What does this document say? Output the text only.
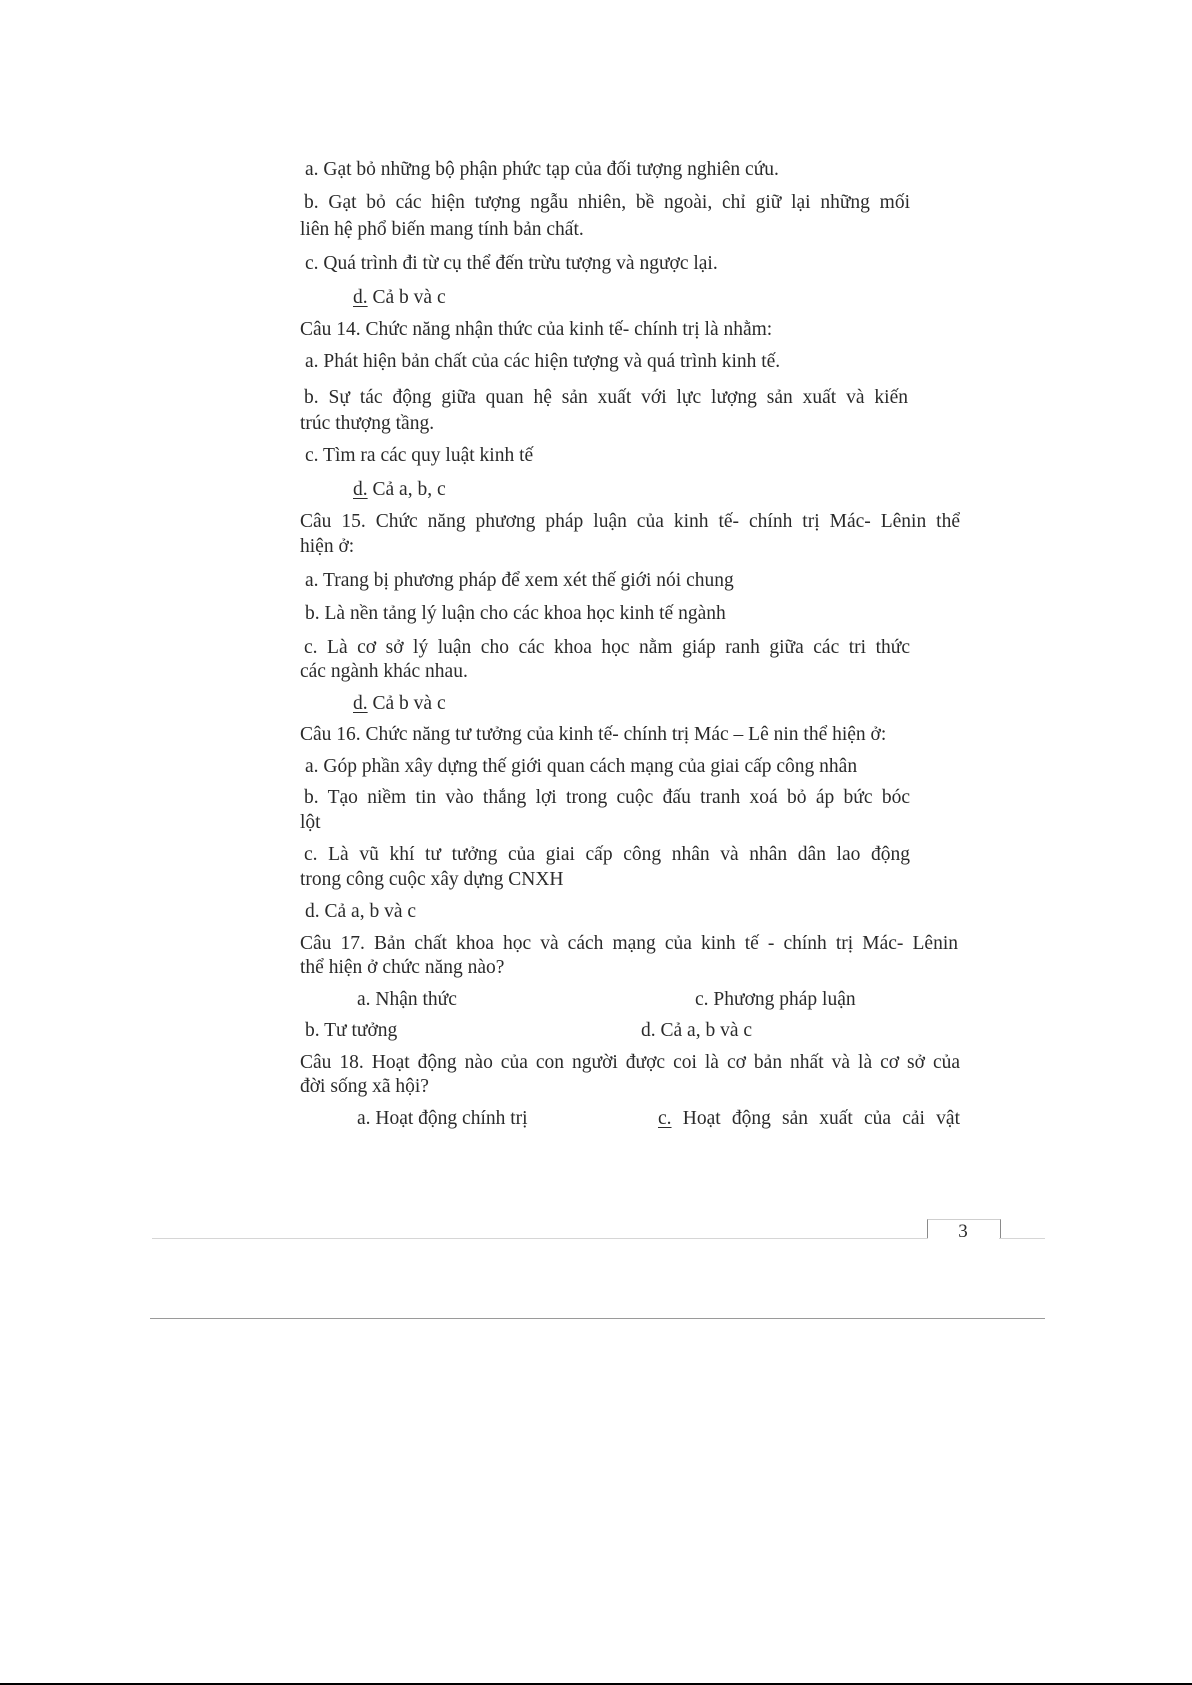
a. Gạt bỏ những bộ phận phức tạp của đối tượng nghiên cứu.

b. Gạt bỏ các hiện tượng ngẫu nhiên, bề ngoài, chỉ giữ lại những mối

liên hệ phổ biến mang tính bản chất.

c. Quá trình đi từ cụ thể đến trừu tượng và ngược lại.

d. Cả b và c

Câu 14. Chức năng nhận thức của kinh tế- chính trị là nhằm:

a. Phát hiện bản chất của các hiện tượng và quá trình kinh tế.

b. Sự tác động giữa quan hệ sản xuất với lực lượng sản xuất và kiến

trúc thượng tầng.

c. Tìm ra các quy luật kinh tế

d. Cả a, b, c

Câu 15. Chức năng phương pháp luận của kinh tế- chính trị Mác- Lênin thể

hiện ở:

a. Trang bị phương pháp để xem xét thế giới nói chung

b. Là nền tảng lý luận cho các khoa học kinh tế ngành

c. Là cơ sở lý luận cho các khoa học nằm giáp ranh giữa các tri thức

các ngành khác nhau.

d. Cả b và c

Câu 16. Chức năng tư tưởng của kinh tế- chính trị Mác – Lê nin thể hiện ở:

a. Góp phần xây dựng thế giới quan cách mạng của giai cấp công nhân

b. Tạo niềm tin vào thắng lợi trong cuộc đấu tranh xoá bỏ áp bức bóc

lột

c. Là vũ khí tư tưởng của giai cấp công nhân và nhân dân lao động

trong công cuộc xây dựng CNXH

d. Cả a, b và c

Câu 17. Bản chất khoa học và cách mạng của kinh tế - chính trị Mác- Lênin

thể hiện ở chức năng nào?

a. Nhận thức	c. Phương pháp luận

b. Tư tưởng	d. Cả a, b và c

Câu 18. Hoạt động nào của con người được coi là cơ bản nhất và là cơ sở của

đời sống xã hội?

a. Hoạt động chính trị	c. Hoạt động sản xuất của cải vật

3
